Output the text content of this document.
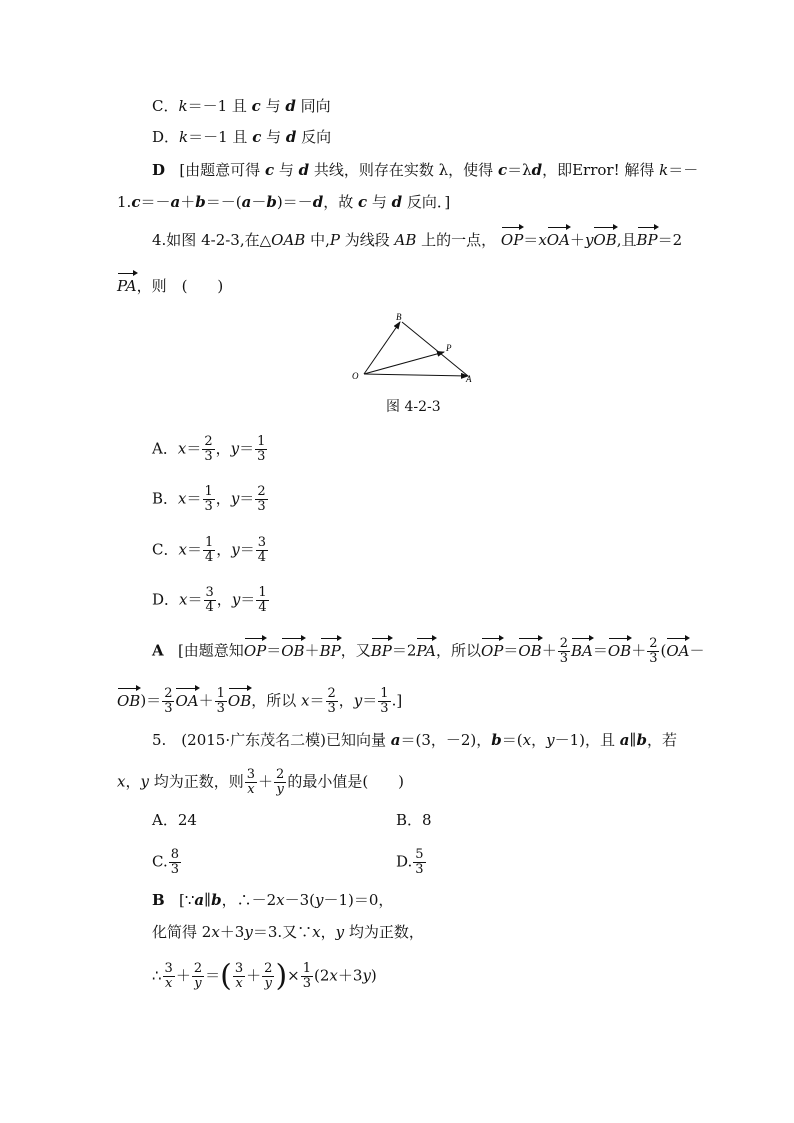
C．k＝－1 且 c 与 d 同向
D．k＝－1 且 c 与 d 反向
D   [由题意可得 c 与 d 共线，则存在实数 λ，使得 c＝λd，即Error! 解得 k＝－
1.c＝－a＋b＝－(a－b)＝－d，故 c 与 d 反向．]
4.如图 4-2-3,在△OAB 中,P 为线段 AB 上的一点， OP＝xOA＋yOB,且BP＝2
PA，则　(　　)
O	A
B
P
图 4-2-3
A．$x= \frac{2}{3}$ ，$y= \frac{1}{3}$
B．$x= \frac{1}{3}$ ，$y= \frac{2}{3}$
C．$x= \frac{1}{4}$ ，$y= \frac{3}{4}$
D．$x= \frac{3}{4}$ ，$y= \frac{1}{4}$
A   [由题意知OP＝OB＋BP，又BP＝2PA，所以$OP=OB+ \frac{2}{3} BA=OB+ \frac{2}{3} (OA-$
$OB)= \frac{2}{3} OA+ \frac{1}{3}$ OB，所以 $x= \frac{2}{3}$ ，$y= \frac{1}{3}$ .]
5.　(2015·广东茂名二模)已知向量 a＝(3，－2)，b＝(x，y－1)，且 a∥b，若
x，y 均为正数，则 $\frac{3}{x} + \frac{2}{y}$ 的最小值是(　　)
A．24	B．8
C. $\frac{8}{3}$	D. $\frac{5}{3}$
B   [∵a∥b，∴－2x－3(y－1)＝0，
化简得 2x＋3y＝3.又∵x，y 均为正数，
∴ $\frac{3}{x} + \frac{2}{y}$ ＝( $\frac{3}{x} + \frac{2}{y}$ )× $\frac{1}{3} (2x+3y)$
